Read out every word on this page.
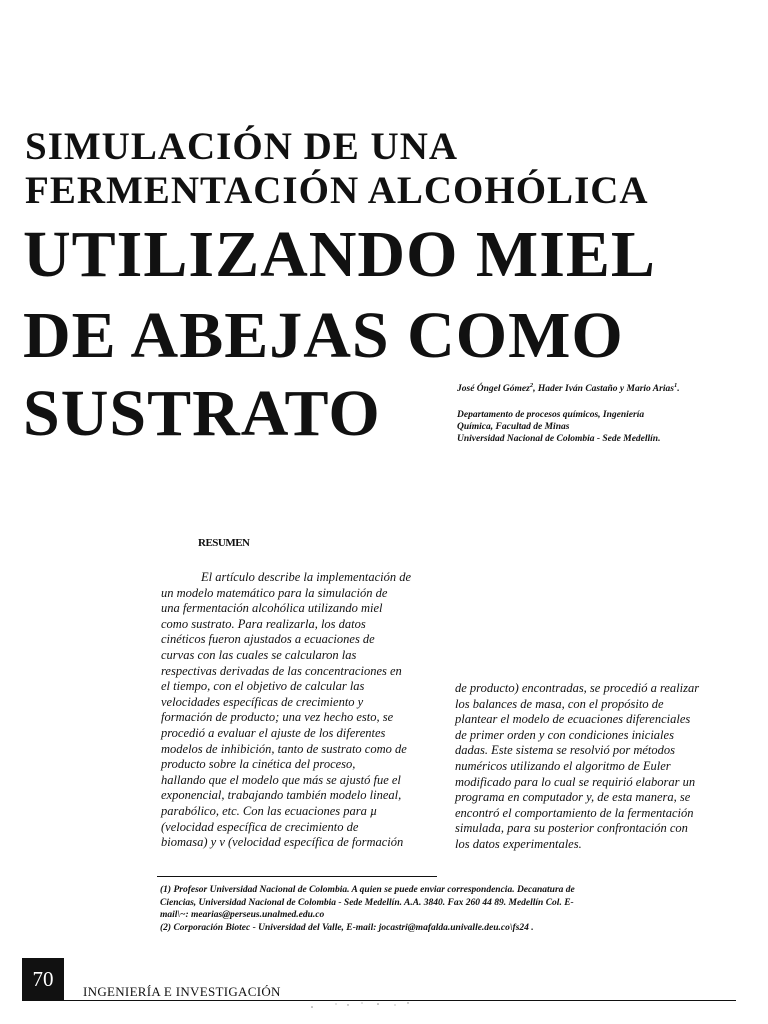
SIMULACIÓN DE UNA
FERMENTACIÓN ALCOHÓLICA
UTILIZANDO MIEL
DE ABEJAS COMO
SUSTRATO	José Óngel Gómez$^2$, Hader Iván Castaño y Mario Arias$^1$.

Departamento de procesos químicos, Ingeniería
Química, Facultad de Minas
Universidad Nacional de Colombia - Sede Medellín.
RESUMEN
El artículo describe la implementación de
un modelo matemático para la simulación de
una fermentación alcohólica utilizando miel
como sustrato. Para realizarla, los datos
cinéticos fueron ajustados a ecuaciones de
curvas con las cuales se calcularon las
respectivas derivadas de las concentraciones en
el tiempo, con el objetivo de calcular las
velocidades específicas de crecimiento y
formación de producto; una vez hecho esto, se
procedió a evaluar el ajuste de los diferentes
modelos de inhibición, tanto de sustrato como de
producto sobre la cinética del proceso,
hallando que el modelo que más se ajustó fue el
exponencial, trabajando también modelo lineal,
parabólico, etc. Con las ecuaciones para µ
(velocidad específica de crecimiento de
biomasa) y v (velocidad específica de formación
de producto) encontradas, se procedió a realizar
los balances de masa, con el propósito de
plantear el modelo de ecuaciones diferenciales
de primer orden y con condiciones iniciales
dadas. Este sistema se resolvió por métodos
numéricos utilizando el algoritmo de Euler
modificado para lo cual se requirió elaborar un
programa en computador y, de esta manera, se
encontró el comportamiento de la fermentación
simulada, para su posterior confrontación con
los datos experimentales.
(1) Profesor Universidad Nacional de Colombia. A quien se puede enviar correspondencia. Decanatura de
Ciencias, Universidad Nacional de Colombia - Sede Medellín. A.A. 3840. Fax 260 44 89. Medellín Col. E-
mail\~: mearias@perseus.unalmed.edu.co
(2) Corporación Biotec - Universidad del Valle, E-mail: jocastri@mafalda.univalle.deu.co\fs24 .
70

INGENIERÍA E INVESTIGACIÓN
